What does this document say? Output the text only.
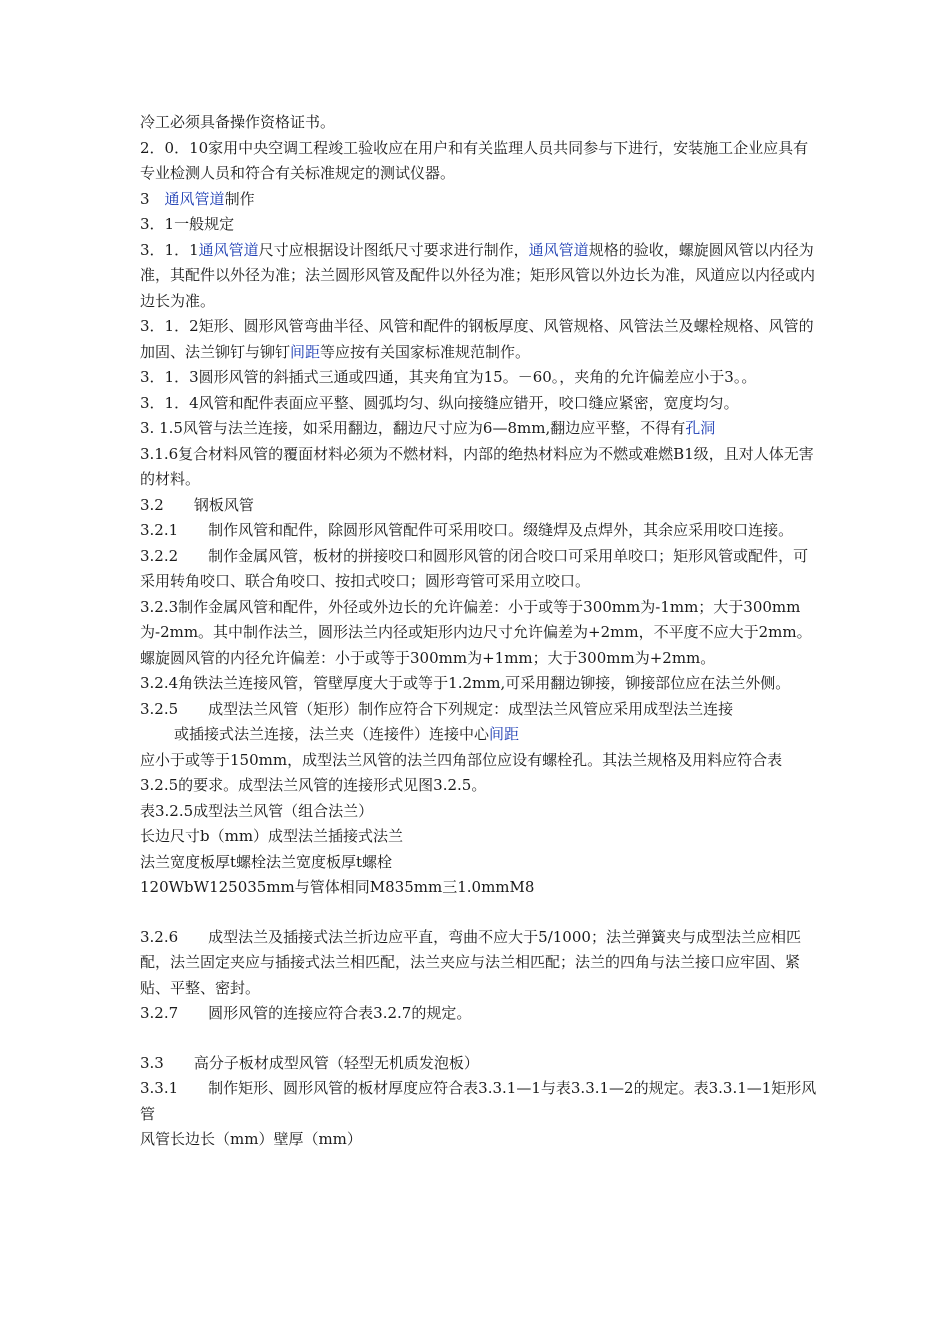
冷工必须具备操作资格证书。

2．0．10家用中央空调工程竣工验收应在用户和有关监理人员共同参与下进行，安装施工企业应具有专业检测人员和符合有关标准规定的测试仪器。

3　通风管道制作

3．1一般规定

3．1．1通风管道尺寸应根据设计图纸尺寸要求进行制作，通风管道规格的验收，螺旋圆风管以内径为准，其配件以外径为准；法兰圆形风管及配件以外径为准；矩形风管以外边长为准，风道应以内径或内边长为准。

3．1．2矩形、圆形风管弯曲半径、风管和配件的钢板厚度、风管规格、风管法兰及螺栓规格、风管的加固、法兰铆钉与铆钉间距等应按有关国家标准规范制作。

3．1．3圆形风管的斜插式三通或四通，其夹角宜为15。－60。，夹角的允许偏差应小于3。。

3．1．4风管和配件表面应平整、圆弧均匀、纵向接缝应错开，咬口缝应紧密，宽度均匀。

3. 1.5风管与法兰连接，如采用翻边，翻边尺寸应为6—8mm,翻边应平整，不得有孔洞

3.1.6复合材料风管的覆面材料必须为不燃材料，内部的绝热材料应为不燃或难燃B1级，且对人体无害的材料。

3.2　　钢板风管

3.2.1　　制作风管和配件，除圆形风管配件可采用咬口。缀缝焊及点焊外，其余应采用咬口连接。

3.2.2　　制作金属风管，板材的拼接咬口和圆形风管的闭合咬口可采用单咬口；矩形风管或配件，可采用转角咬口、联合角咬口、按扣式咬口；圆形弯管可采用立咬口。

3.2.3制作金属风管和配件，外径或外边长的允许偏差：小于或等于300mm为-1mm；大于300mm为-2mm。其中制作法兰，圆形法兰内径或矩形内边尺寸允许偏差为+2mm，不平度不应大于2mm。螺旋圆风管的内径允许偏差：小于或等于300mm为+1mm；大于300mm为+2mm。

3.2.4角铁法兰连接风管，管壁厚度大于或等于1.2mm,可采用翻边铆接，铆接部位应在法兰外侧。

3.2.5　　成型法兰风管（矩形）制作应符合下列规定：成型法兰风管应采用成型法兰连接

或插接式法兰连接，法兰夹（连接件）连接中心间距

应小于或等于150mm，成型法兰风管的法兰四角部位应设有螺栓孔。其法兰规格及用料应符合表3.2.5的要求。成型法兰风管的连接形式见图3.2.5。

表3.2.5成型法兰风管（组合法兰）

长边尺寸b（mm）成型法兰插接式法兰

法兰宽度板厚t螺栓法兰宽度板厚t螺栓

120WbW125035mm与管体相同M835mm三1.0mmM8

3.2.6　　成型法兰及插接式法兰折边应平直，弯曲不应大于5/1000；法兰弹簧夹与成型法兰应相匹配，法兰固定夹应与插接式法兰相匹配，法兰夹应与法兰相匹配；法兰的四角与法兰接口应牢固、紧贴、平整、密封。

3.2.7　　圆形风管的连接应符合表3.2.7的规定。

3.3　　高分子板材成型风管（轻型无机质发泡板）

3.3.1　　制作矩形、圆形风管的板材厚度应符合表3.3.1—1与表3.3.1—2的规定。表3.3.1—1矩形风管

风管长边长（mm）壁厚（mm）
